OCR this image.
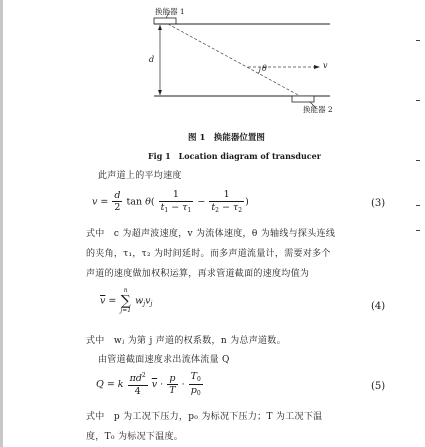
换能器 1
d
θ	v
换能器 2
图 1　换能器位置图
Fig 1　Location diagram of transducer
此声道上的平均速度
$v = \frac{d}{2}$ $\tan \theta( \frac{1}{t_1 - \tau_1} - \frac{1}{t_2 - \tau_2}$ )	(3)
式中　c 为超声波速度，v 为流体速度，θ 为轴线与探头连线
的夹角，τ₁，τ₂ 为时间延时。而多声道流量计，需要对多个
声道的速度做加权积运算，再求管道截面的速度均值为
$\overline{v}$ =
n
∑
j=1
$w_jv_j$	(4)
式中　wⱼ 为第 j 声道的权系数，n 为总声道数。
由管道截面速度求出流体流量 Q
Q = k $\frac{\pi d^2}{4} \overline{v} \cdot \frac{p}{T} \cdot \frac{T_0}{p_0}$	(5)
式中　p 为工况下压力，p₀ 为标况下压力；T 为工况下温
度，T₀ 为标况下温度。
